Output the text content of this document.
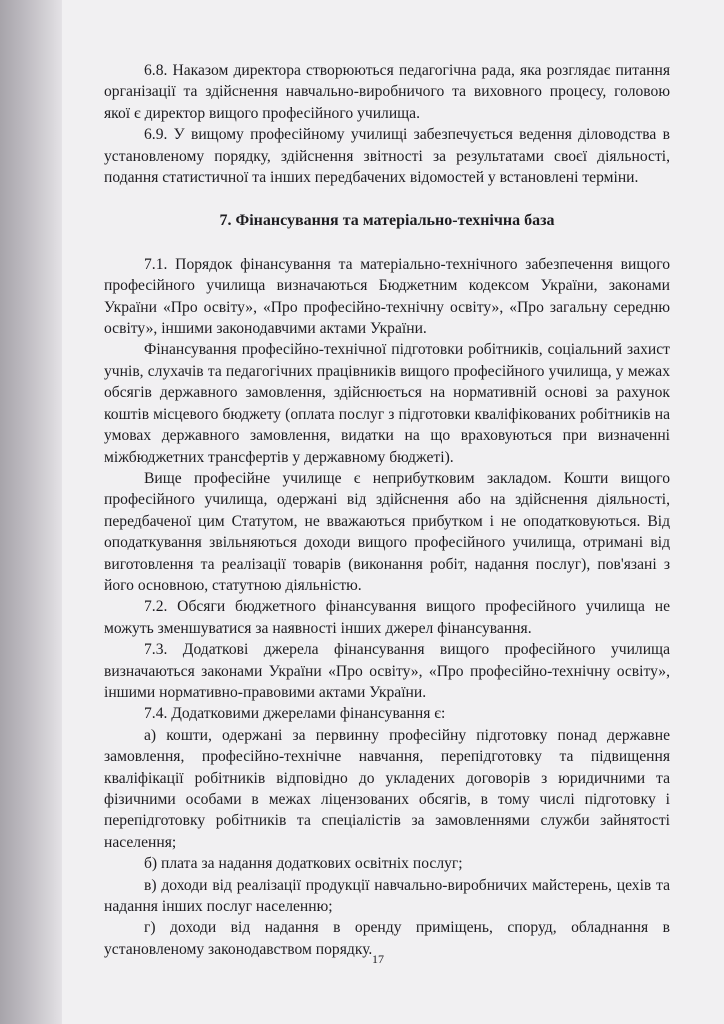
6.8. Наказом директора створюються педагогічна рада, яка розглядає питання організації та здійснення навчально-виробничого та виховного процесу, головою якої є директор вищого професійного училища.

6.9. У вищому професійному училищі забезпечується ведення діловодства в установленому порядку, здійснення звітності за результатами своєї діяльності, подання статистичної та інших передбачених відомостей у встановлені терміни.

7. Фінансування та матеріально-технічна база

7.1. Порядок фінансування та матеріально-технічного забезпечення вищого професійного училища визначаються Бюджетним кодексом України, законами України «Про освіту», «Про професійно-технічну освіту», «Про загальну середню освіту», іншими законодавчими актами України.

Фінансування професійно-технічної підготовки робітників, соціальний захист учнів, слухачів та педагогічних працівників вищого професійного училища, у межах обсягів державного замовлення, здійснюється на нормативній основі за рахунок коштів місцевого бюджету (оплата послуг з підготовки кваліфікованих робітників на умовах державного замовлення, видатки на що враховуються при визначенні міжбюджетних трансфертів у державному бюджеті).

Вище професійне училище є неприбутковим закладом. Кошти вищого професійного училища, одержані від здійснення або на здійснення діяльності, передбаченої цим Статутом, не вважаються прибутком і не оподатковуються. Від оподаткування звільняються доходи вищого професійного училища, отримані від виготовлення та реалізації товарів (виконання робіт, надання послуг), пов'язані з його основною, статутною діяльністю.

7.2. Обсяги бюджетного фінансування вищого професійного училища не можуть зменшуватися за наявності інших джерел фінансування.

7.3. Додаткові джерела фінансування вищого професійного училища визначаються законами України «Про освіту», «Про професійно-технічну освіту», іншими нормативно-правовими актами України.

7.4. Додатковими джерелами фінансування є:

а) кошти, одержані за первинну професійну підготовку понад державне замовлення, професійно-технічне навчання, перепідготовку та підвищення кваліфікації робітників відповідно до укладених договорів з юридичними та фізичними особами в межах ліцензованих обсягів, в тому числі підготовку і перепідготовку робітників та спеціалістів за замовленнями служби зайнятості населення;

б) плата за надання додаткових освітніх послуг;

в) доходи від реалізації продукції навчально-виробничих майстерень, цехів та надання інших послуг населенню;

г) доходи від надання в оренду приміщень, споруд, обладнання в установленому законодавством порядку.

17
